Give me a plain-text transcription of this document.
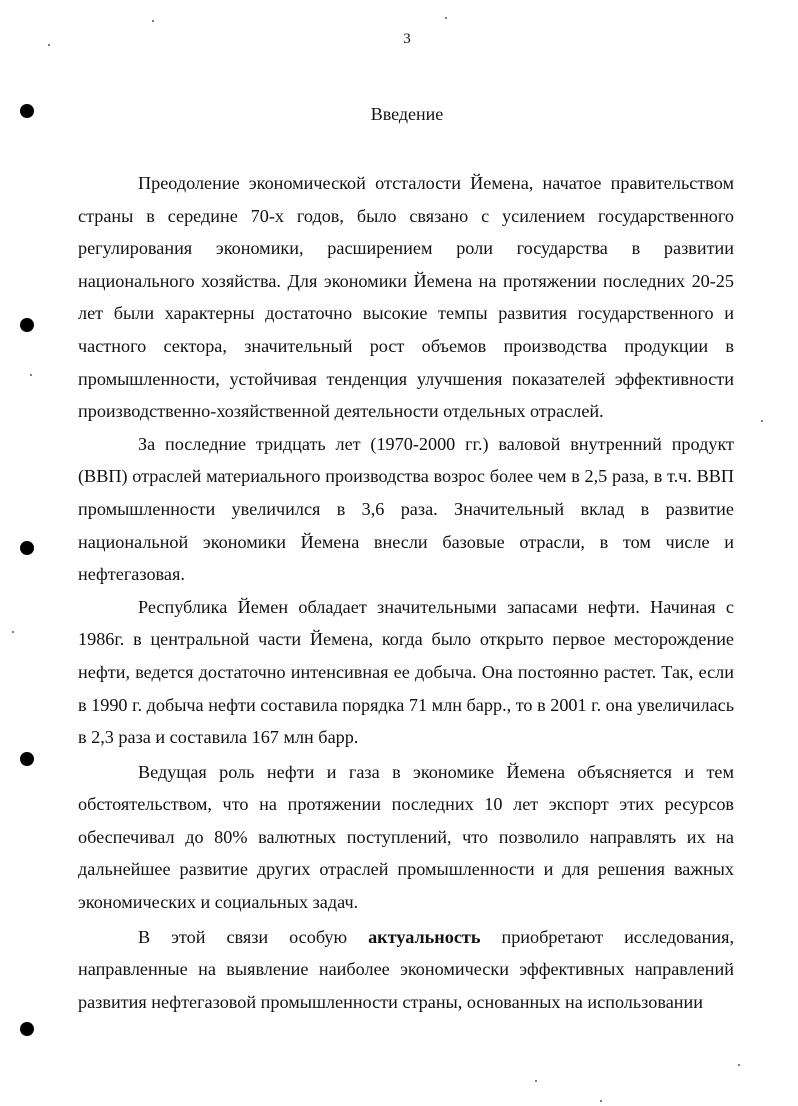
3
Введение

Преодоление экономической отсталости Йемена, начатое правительством страны в середине 70-х годов, было связано с усилением государственного регулирования экономики, расширением роли государства в развитии национального хозяйства. Для экономики Йемена на протяжении последних 20-25 лет были характерны достаточно высокие темпы развития государственного и частного сектора, значительный рост объемов производства продукции в промышленности, устойчивая тенденция улучшения показателей эффективности производственно-хозяйственной деятельности отдельных отраслей.

За последние тридцать лет (1970-2000 гг.) валовой внутренний продукт (ВВП) отраслей материального производства возрос более чем в 2,5 раза, в т.ч. ВВП промышленности увеличился в 3,6 раза. Значительный вклад в развитие национальной экономики Йемена внесли базовые отрасли, в том числе и нефтегазовая.

Республика Йемен обладает значительными запасами нефти. Начиная с 1986г. в центральной части Йемена, когда было открыто первое месторождение нефти, ведется достаточно интенсивная ее добыча. Она постоянно растет. Так, если в 1990 г. добыча нефти составила порядка 71 млн барр., то в 2001 г. она увеличилась в 2,3 раза и составила 167 млн барр.

Ведущая роль нефти и газа в экономике Йемена объясняется и тем обстоятельством, что на протяжении последних 10 лет экспорт этих ресурсов обеспечивал до 80% валютных поступлений, что позволило направлять их на дальнейшее развитие других отраслей промышленности и для решения важных экономических и социальных задач.

В этой связи особую актуальность приобретают исследования, направленные на выявление наиболее экономически эффективных направлений развития нефтегазовой промышленности страны, основанных на использовании
